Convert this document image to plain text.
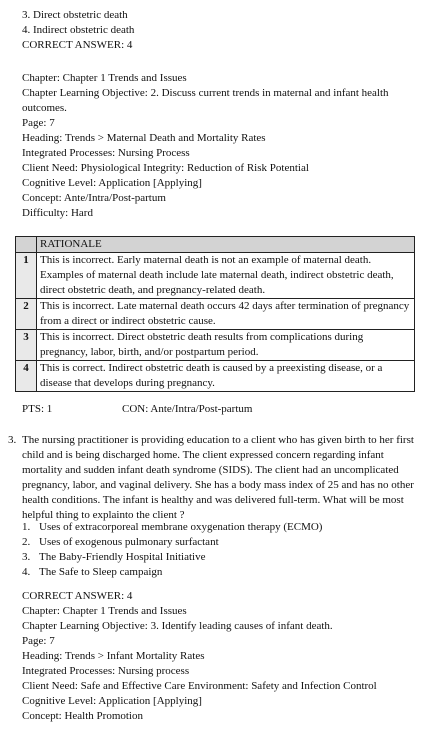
3. Direct obstetric death
4. Indirect obstetric death
CORRECT ANSWER: 4
Chapter: Chapter 1 Trends and Issues
Chapter Learning Objective: 2. Discuss current trends in maternal and infant health outcomes.
Page: 7
Heading: Trends > Maternal Death and Mortality Rates
Integrated Processes: Nursing Process
Client Need: Physiological Integrity: Reduction of Risk Potential
Cognitive Level: Application [Applying]
Concept: Ante/Intra/Post-partum
Difficulty: Hard
	RATIONALE
1	This is incorrect. Early maternal death is not an example of maternal death. Examples of maternal death include late maternal death, indirect obstetric death, direct obstetric death, and pregnancy-related death.
2	This is incorrect. Late maternal death occurs 42 days after termination of pregnancy from a direct or indirect obstetric cause.
3	This is incorrect. Direct obstetric death results from complications during pregnancy, labor, birth, and/or postpartum period.
4	This is correct. Indirect obstetric death is caused by a preexisting disease, or a disease that develops during pregnancy.
PTS: 1	CON: Ante/Intra/Post-partum
3. The nursing practitioner is providing education to a client who has given birth to her first child and is being discharged home. The client expressed concern regarding infant mortality and sudden infant death syndrome (SIDS). The client had an uncomplicated pregnancy, labor, and vaginal delivery. She has a body mass index of 25 and has no other health conditions. The infant is healthy and was delivered full-term. What will be most helpful thing to explainto the client ?
1. Uses of extracorporeal membrane oxygenation therapy (ECMO)
2. Uses of exogenous pulmonary surfactant
3. The Baby-Friendly Hospital Initiative
4. The Safe to Sleep campaign
CORRECT ANSWER: 4
Chapter: Chapter 1 Trends and Issues
Chapter Learning Objective: 3. Identify leading causes of infant death.
Page: 7
Heading: Trends > Infant Mortality Rates
Integrated Processes: Nursing process
Client Need: Safe and Effective Care Environment: Safety and Infection Control
Cognitive Level: Application [Applying]
Concept: Health Promotion
